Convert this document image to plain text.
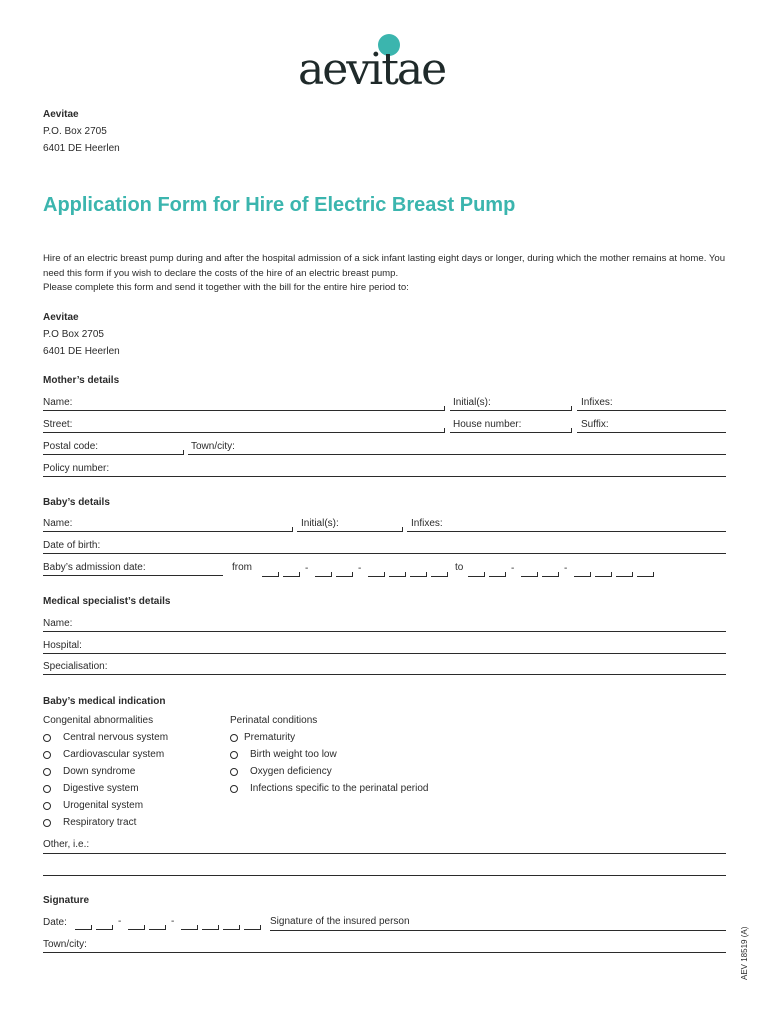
aevitae
Aevitae
P.O. Box 2705
6401 DE Heerlen
Application Form for Hire of Electric Breast Pump
Hire of an electric breast pump during and after the hospital admission of a sick infant lasting eight days or longer, during which the mother remains at home. You need this form if you wish to declare the costs of the hire of an electric breast pump.
Please complete this form and send it together with the bill for the entire hire period to:
Aevitae
P.O Box 2705
6401 DE Heerlen
Mother’s details
Name:	Initial(s):	Infixes:
Street:	House number:	Suffix:
Postal code:	Town/city:
Policy number:
Baby’s details
Name:	Initial(s):	Infixes:
Date of birth:
Baby’s admission date:	from	-	-	to	-	-
Medical specialist’s details
Name:
Hospital:
Specialisation:
Baby’s medical indication
Congenital abnormalities	Perinatal conditions
Central nervous system
Cardiovascular system
Down syndrome
Digestive system
Urogenital system
Respiratory tract
Prematurity
Birth weight too low
Oxygen deficiency
Infections specific to the perinatal period
Other, i.e.:
Signature
Date:	-	-	Signature of the insured person
Town/city:	AEV 18519 (A)
